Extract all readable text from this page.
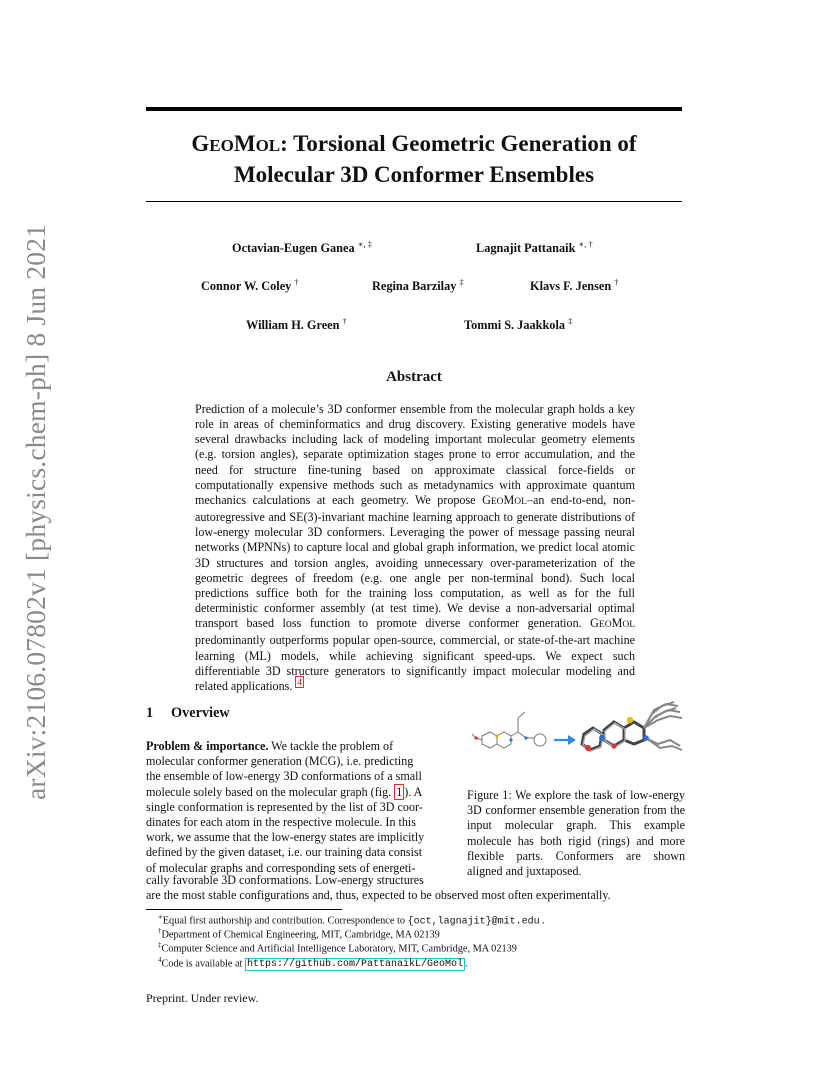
arXiv:2106.07802v1 [physics.chem-ph] 8 Jun 2021
GEOMOL: Torsional Geometric Generation of
Molecular 3D Conformer Ensembles
Octavian-Eugen Ganea ∗, ‡	Lagnajit Pattanaik ∗, †
Connor W. Coley †	Regina Barzilay ‡	Klavs F. Jensen †
William H. Green †	Tommi S. Jaakkola ‡
Abstract
Prediction of a molecule’s 3D conformer ensemble from the molecular graph holds a key role in areas of cheminformatics and drug discovery. Existing generative models have several drawbacks including lack of modeling important molecular geometry elements (e.g. torsion angles), separate optimization stages prone to error accumulation, and the need for structure fine-tuning based on approximate classical force-fields or computationally expensive methods such as metadynamics with approximate quantum mechanics calculations at each geometry. We propose GEOMOL–an end-to-end, non-autoregressive and SE(3)-invariant machine learning approach to generate distributions of low-energy molecular 3D conformers. Leveraging the power of message passing neural networks (MPNNs) to capture local and global graph information, we predict local atomic 3D structures and torsion angles, avoiding unnecessary over-parameterization of the geometric degrees of freedom (e.g. one angle per non-terminal bond). Such local predictions suffice both for the training loss computation, as well as for the full deterministic conformer assembly (at test time). We devise a non-adversarial optimal transport based loss function to promote diverse conformer generation. GEOMOL predominantly outperforms popular open-source, commercial, or state-of-the-art machine learning (ML) models, while achieving significant speed-ups. We expect such differentiable 3D structure generators to significantly impact molecular modeling and related applications. $^4$
1 Overview
Problem & importance. We tackle the problem of
molecular conformer generation (MCG), i.e. predicting
the ensemble of low-energy 3D conformations of a small
molecule solely based on the molecular graph (fig. 1 ). A
single conformation is represented by the list of 3D coor-
dinates for each atom in the respective molecule. In this
work, we assume that the low-energy states are implicitly
defined by the given dataset, i.e. our training data consist
of molecular graphs and corresponding sets of energeti-
cally favorable 3D conformations. Low-energy structures
are the most stable configurations and, thus, expected to be observed most often experimentally.
Figure 1: We explore the task of low-energy 3D conformer ensemble generation from the input molecular graph. This example molecule has both rigid (rings) and more flexible parts. Conformers are shown aligned and juxtaposed.
∗Equal first authorship and contribution. Correspondence to {oct,lagnajit}@mit.edu .
†Department of Chemical Engineering, MIT, Cambridge, MA 02139
‡Computer Science and Artificial Intelligence Laboratory, MIT, Cambridge, MA 02139
$^4$Code is available at https://github.com/PattanaikL/GeoMol .
Preprint. Under review.
